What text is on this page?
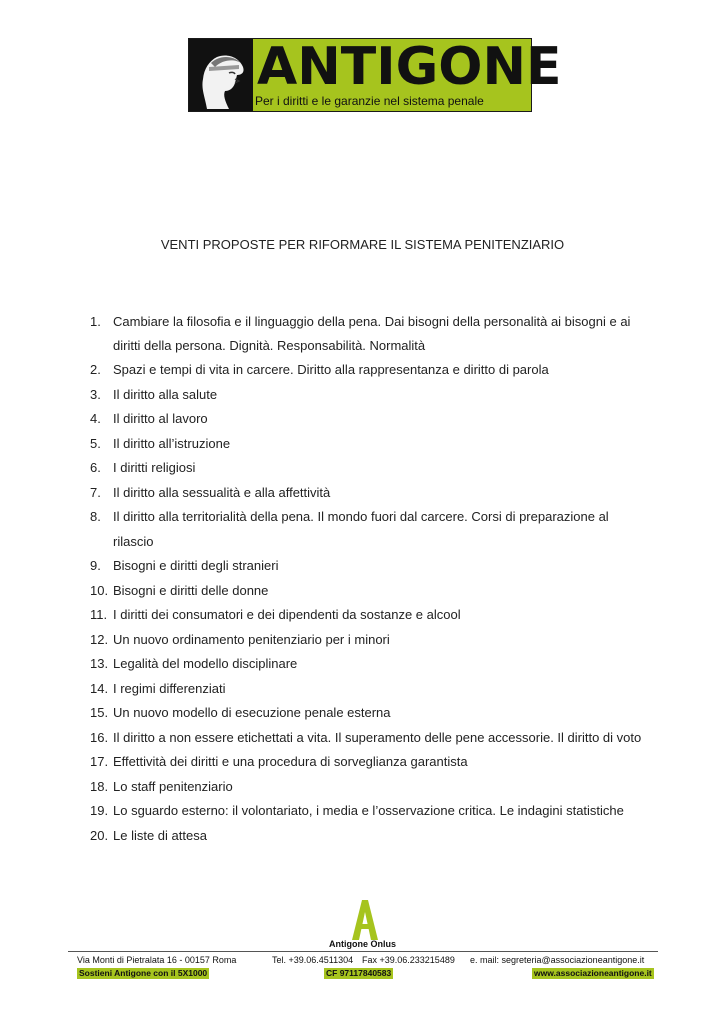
ANTIGONE
Per i diritti e le garanzie nel sistema penale
VENTI PROPOSTE PER RIFORMARE IL SISTEMA PENITENZIARIO
1. Cambiare la filosofia e il linguaggio della pena. Dai bisogni della personalità ai bisogni e ai diritti della persona. Dignità. Responsabilità. Normalità
2. Spazi e tempi di vita in carcere. Diritto alla rappresentanza e diritto di parola
3. Il diritto alla salute
4. Il diritto al lavoro
5. Il diritto all’istruzione
6. I diritti religiosi
7. Il diritto alla sessualità e alla affettività
8. Il diritto alla territorialità della pena. Il mondo fuori dal carcere. Corsi di preparazione al rilascio
9. Bisogni e diritti degli stranieri
10. Bisogni e diritti delle donne
11. I diritti dei consumatori e dei dipendenti da sostanze e alcool
12. Un nuovo ordinamento penitenziario per i minori
13. Legalità del modello disciplinare
14. I regimi differenziati
15. Un nuovo modello di esecuzione penale esterna
16. Il diritto a non essere etichettati a vita. Il superamento delle pene accessorie. Il diritto di voto
17. Effettività dei diritti e una procedura di sorveglianza garantista
18. Lo staff penitenziario
19. Lo sguardo esterno: il volontariato, i media e l’osservazione critica. Le indagini statistiche
20. Le liste di attesa
Antigone Onlus
Via Monti di Pietralata 16 - 00157 Roma	Tel. +39.06.4511304 Fax +39.06.233215489 e. mail: segreteria@associazioneantigone.it
Sostieni Antigone con il 5X1000	CF 97117840583	www.associazioneantigone.it
